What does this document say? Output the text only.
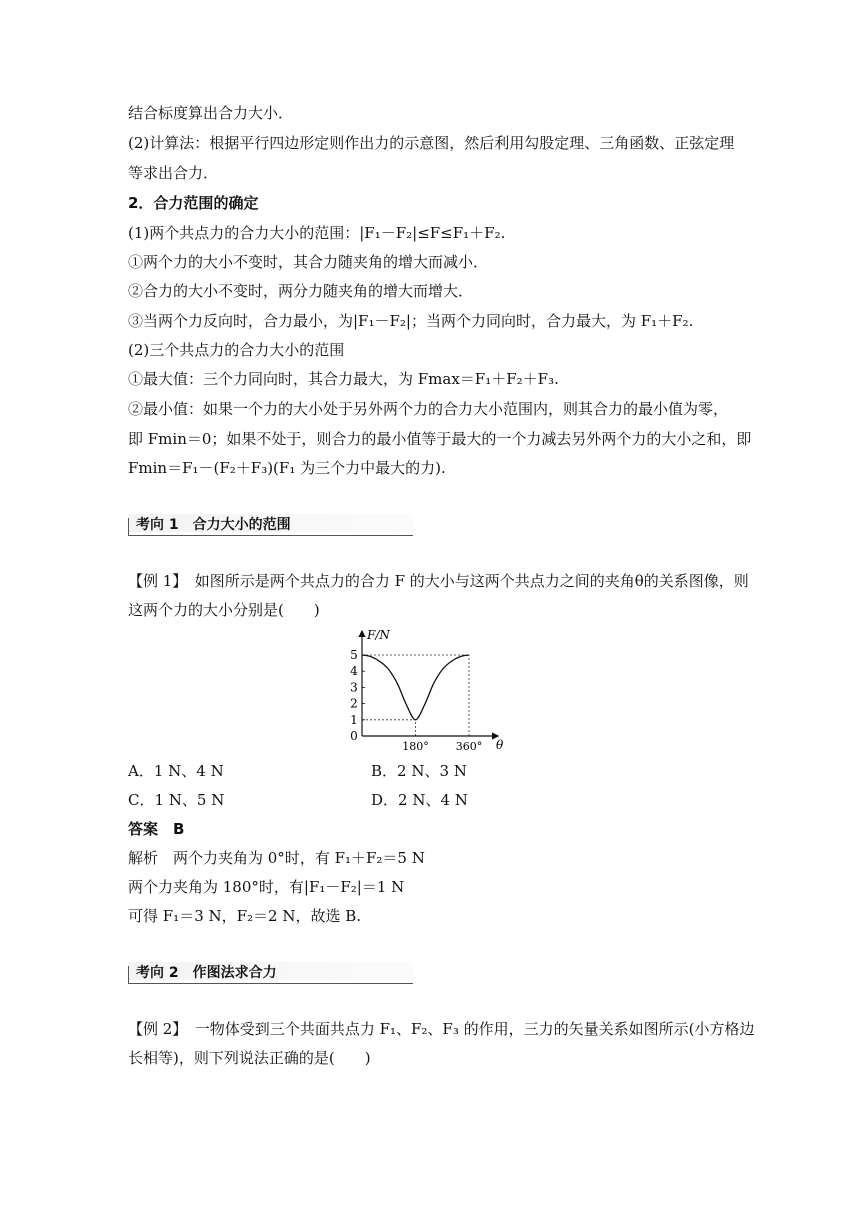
结合标度算出合力大小．
(2)计算法：根据平行四边形定则作出力的示意图，然后利用勾股定理、三角函数、正弦定理
等求出合力．
2．合力范围的确定
(1)两个共点力的合力大小的范围：|F₁－F₂|≤F≤F₁＋F₂.
①两个力的大小不变时，其合力随夹角的增大而减小．
②合力的大小不变时，两分力随夹角的增大而增大．
③当两个力反向时，合力最小，为|F₁－F₂|；当两个力同向时，合力最大，为 F₁＋F₂.
(2)三个共点力的合力大小的范围
①最大值：三个力同向时，其合力最大，为 Fmax＝F₁＋F₂＋F₃.
②最小值：如果一个力的大小处于另外两个力的合力大小范围内，则其合力的最小值为零，
即 Fmin＝0；如果不处于，则合力的最小值等于最大的一个力减去另外两个力的大小之和，即
Fmin＝F₁－(F₂＋F₃)(F₁ 为三个力中最大的力).
考向 1　合力大小的范围
【例 1】　如图所示是两个共点力的合力 F 的大小与这两个共点力之间的夹角θ的关系图像，则
这两个力的大小分别是(　　)
F/N
θ
5
4
3
2
1
0
180° 360°
A．1 N、4 N	B．2 N、3 N
C．1 N、5 N	D．2 N、4 N
答案　B
解析　两个力夹角为 0°时，有 F₁＋F₂＝5 N
两个力夹角为 180°时，有|F₁－F₂|＝1 N
可得 F₁＝3 N，F₂＝2 N，故选 B.
考向 2　作图法求合力
【例 2】　一物体受到三个共面共点力 F₁、F₂、F₃ 的作用，三力的矢量关系如图所示(小方格边
长相等)，则下列说法正确的是(　　)
